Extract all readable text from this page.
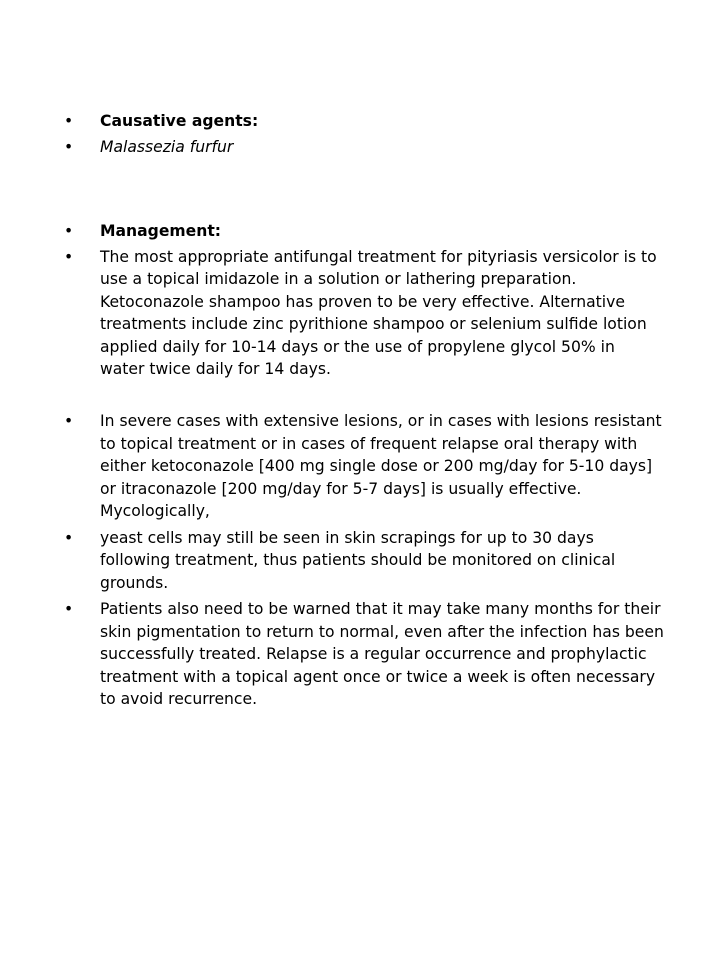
• Causative agents:
• Malassezia furfur
• Management:
• The most appropriate antifungal treatment for pityriasis versicolor is to use a topical imidazole in a solution or lathering preparation. Ketoconazole shampoo has proven to be very effective. Alternative treatments include zinc pyrithione shampoo or selenium sulfide lotion applied daily for 10-14 days or the use of propylene glycol 50% in water twice daily for 14 days.
• In severe cases with extensive lesions, or in cases with lesions resistant to topical treatment or in cases of frequent relapse oral therapy with either ketoconazole [400 mg single dose or 200 mg/day for 5-10 days] or itraconazole [200 mg/day for 5-7 days] is usually effective. Mycologically,
• yeast cells may still be seen in skin scrapings for up to 30 days following treatment, thus patients should be monitored on clinical grounds.
• Patients also need to be warned that it may take many months for their skin pigmentation to return to normal, even after the infection has been successfully treated. Relapse is a regular occurrence and prophylactic treatment with a topical agent once or twice a week is often necessary to avoid recurrence.
